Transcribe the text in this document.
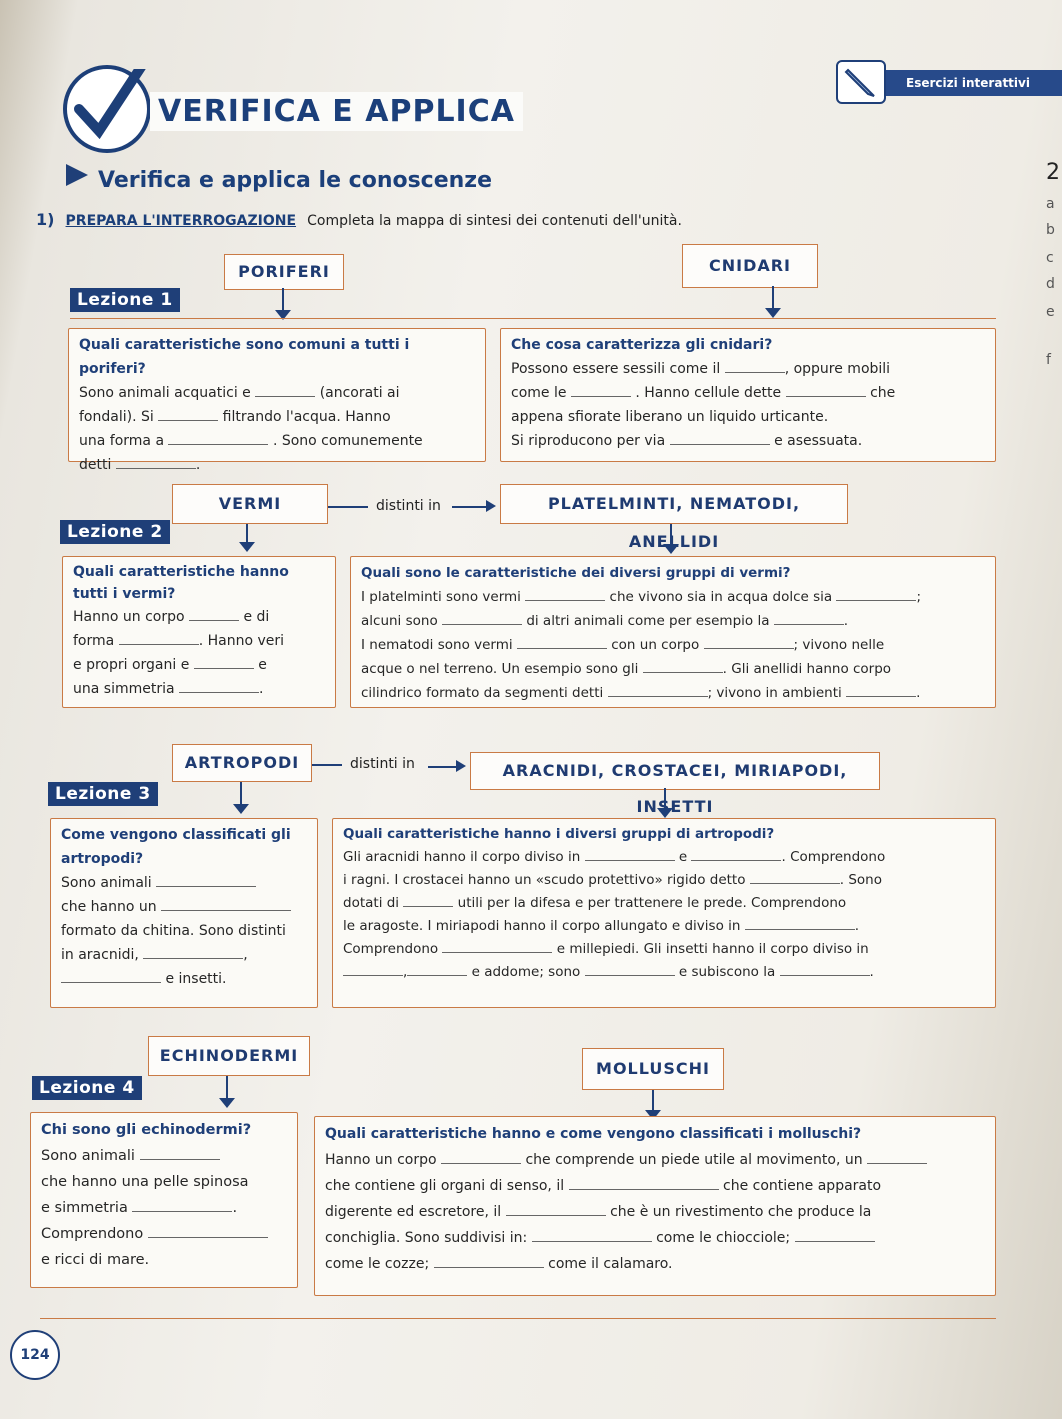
VERIFICA E APPLICA
Esercizi interattivi
Verifica e applica le conoscenze
1) PREPARA L'INTERROGAZIONE Completa la mappa di sintesi dei contenuti dell'unità.
2
a
b
c
d
e
f
PORIFERI	CNIDARI
Lezione 1
Quali caratteristiche sono comuni a tutti i poriferi?
Sono animali acquatici e	(ancorati ai
fondali). Si	filtrando l'acqua. Hanno
una forma a	. Sono comunemente
detti	.
Che cosa caratterizza gli cnidari?
Possono essere sessili come il	, oppure mobili
come le	. Hanno cellule dette	che
appena sfiorate liberano un liquido urticante.
Si riproducono per via	e asessuata.
VERMI	distinti in	PLATELMINTI, NEMATODI, ANELLIDI
Lezione 2
Quali caratteristiche hanno tutti i vermi?
Hanno un corpo	e di
forma	. Hanno veri
e propri organi e	e
una simmetria	.
Quali sono le caratteristiche dei diversi gruppi di vermi?
I platelminti sono vermi	che vivono sia in acqua dolce sia	;
alcuni sono	di altri animali come per esempio la	.
I nematodi sono vermi	con un corpo	; vivono nelle
acque o nel terreno. Un esempio sono gli	. Gli anellidi hanno corpo
cilindrico formato da segmenti detti	; vivono in ambienti	.
ARTROPODI	distinti in	ARACNIDI, CROSTACEI, MIRIAPODI, INSETTI
Lezione 3
Come vengono classificati gli artropodi?
Sono animali
che hanno un
formato da chitina. Sono distinti
in aracnidi,	,
e insetti.
Quali caratteristiche hanno i diversi gruppi di artropodi?
Gli aracnidi hanno il corpo diviso in	e	. Comprendono
i ragni. I crostacei hanno un «scudo protettivo» rigido detto	. Sono
dotati di	utili per la difesa e per trattenere le prede. Comprendono
le aragoste. I miriapodi hanno il corpo allungato e diviso in	.
Comprendono	e millepiedi. Gli insetti hanno il corpo diviso in
,	e addome; sono	e subiscono la	.
ECHINODERMI
MOLLUSCHI
Lezione 4
Chi sono gli echinodermi?
Sono animali
che hanno una pelle spinosa
e simmetria	.
Comprendono
e ricci di mare.
Quali caratteristiche hanno e come vengono classificati i molluschi?
Hanno un corpo	che comprende un piede utile al movimento, un
che contiene gli organi di senso, il	che contiene apparato
digerente ed escretore, il	che è un rivestimento che produce la
conchiglia. Sono suddivisi in:	come le chiocciole;
come le cozze;	come il calamaro.
124
